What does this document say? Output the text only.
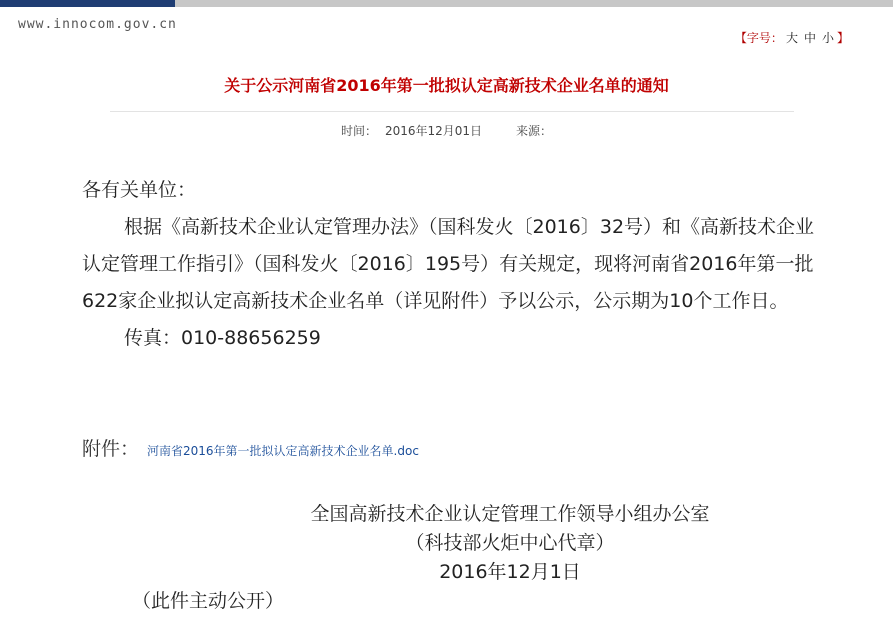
www.innocom.gov.cn
【字号： 大 中 小 】
关于公示河南省2016年第一批拟认定高新技术企业名单的通知
时间： 2016年12月01日	来源：

各有关单位：

根据《高新技术企业认定管理办法》（国科发火〔2016〕32号）和《高新技术企业认定管理工作指引》（国科发火〔2016〕195号）有关规定，现将河南省2016年第一批622家企业拟认定高新技术企业名单（详见附件）予以公示，公示期为10个工作日。

传真：010-88656259

附件： 河南省2016年第一批拟认定高新技术企业名单.doc
全国高新技术企业认定管理工作领导小组办公室
（科技部火炬中心代章）
2016年12月1日
（此件主动公开）
